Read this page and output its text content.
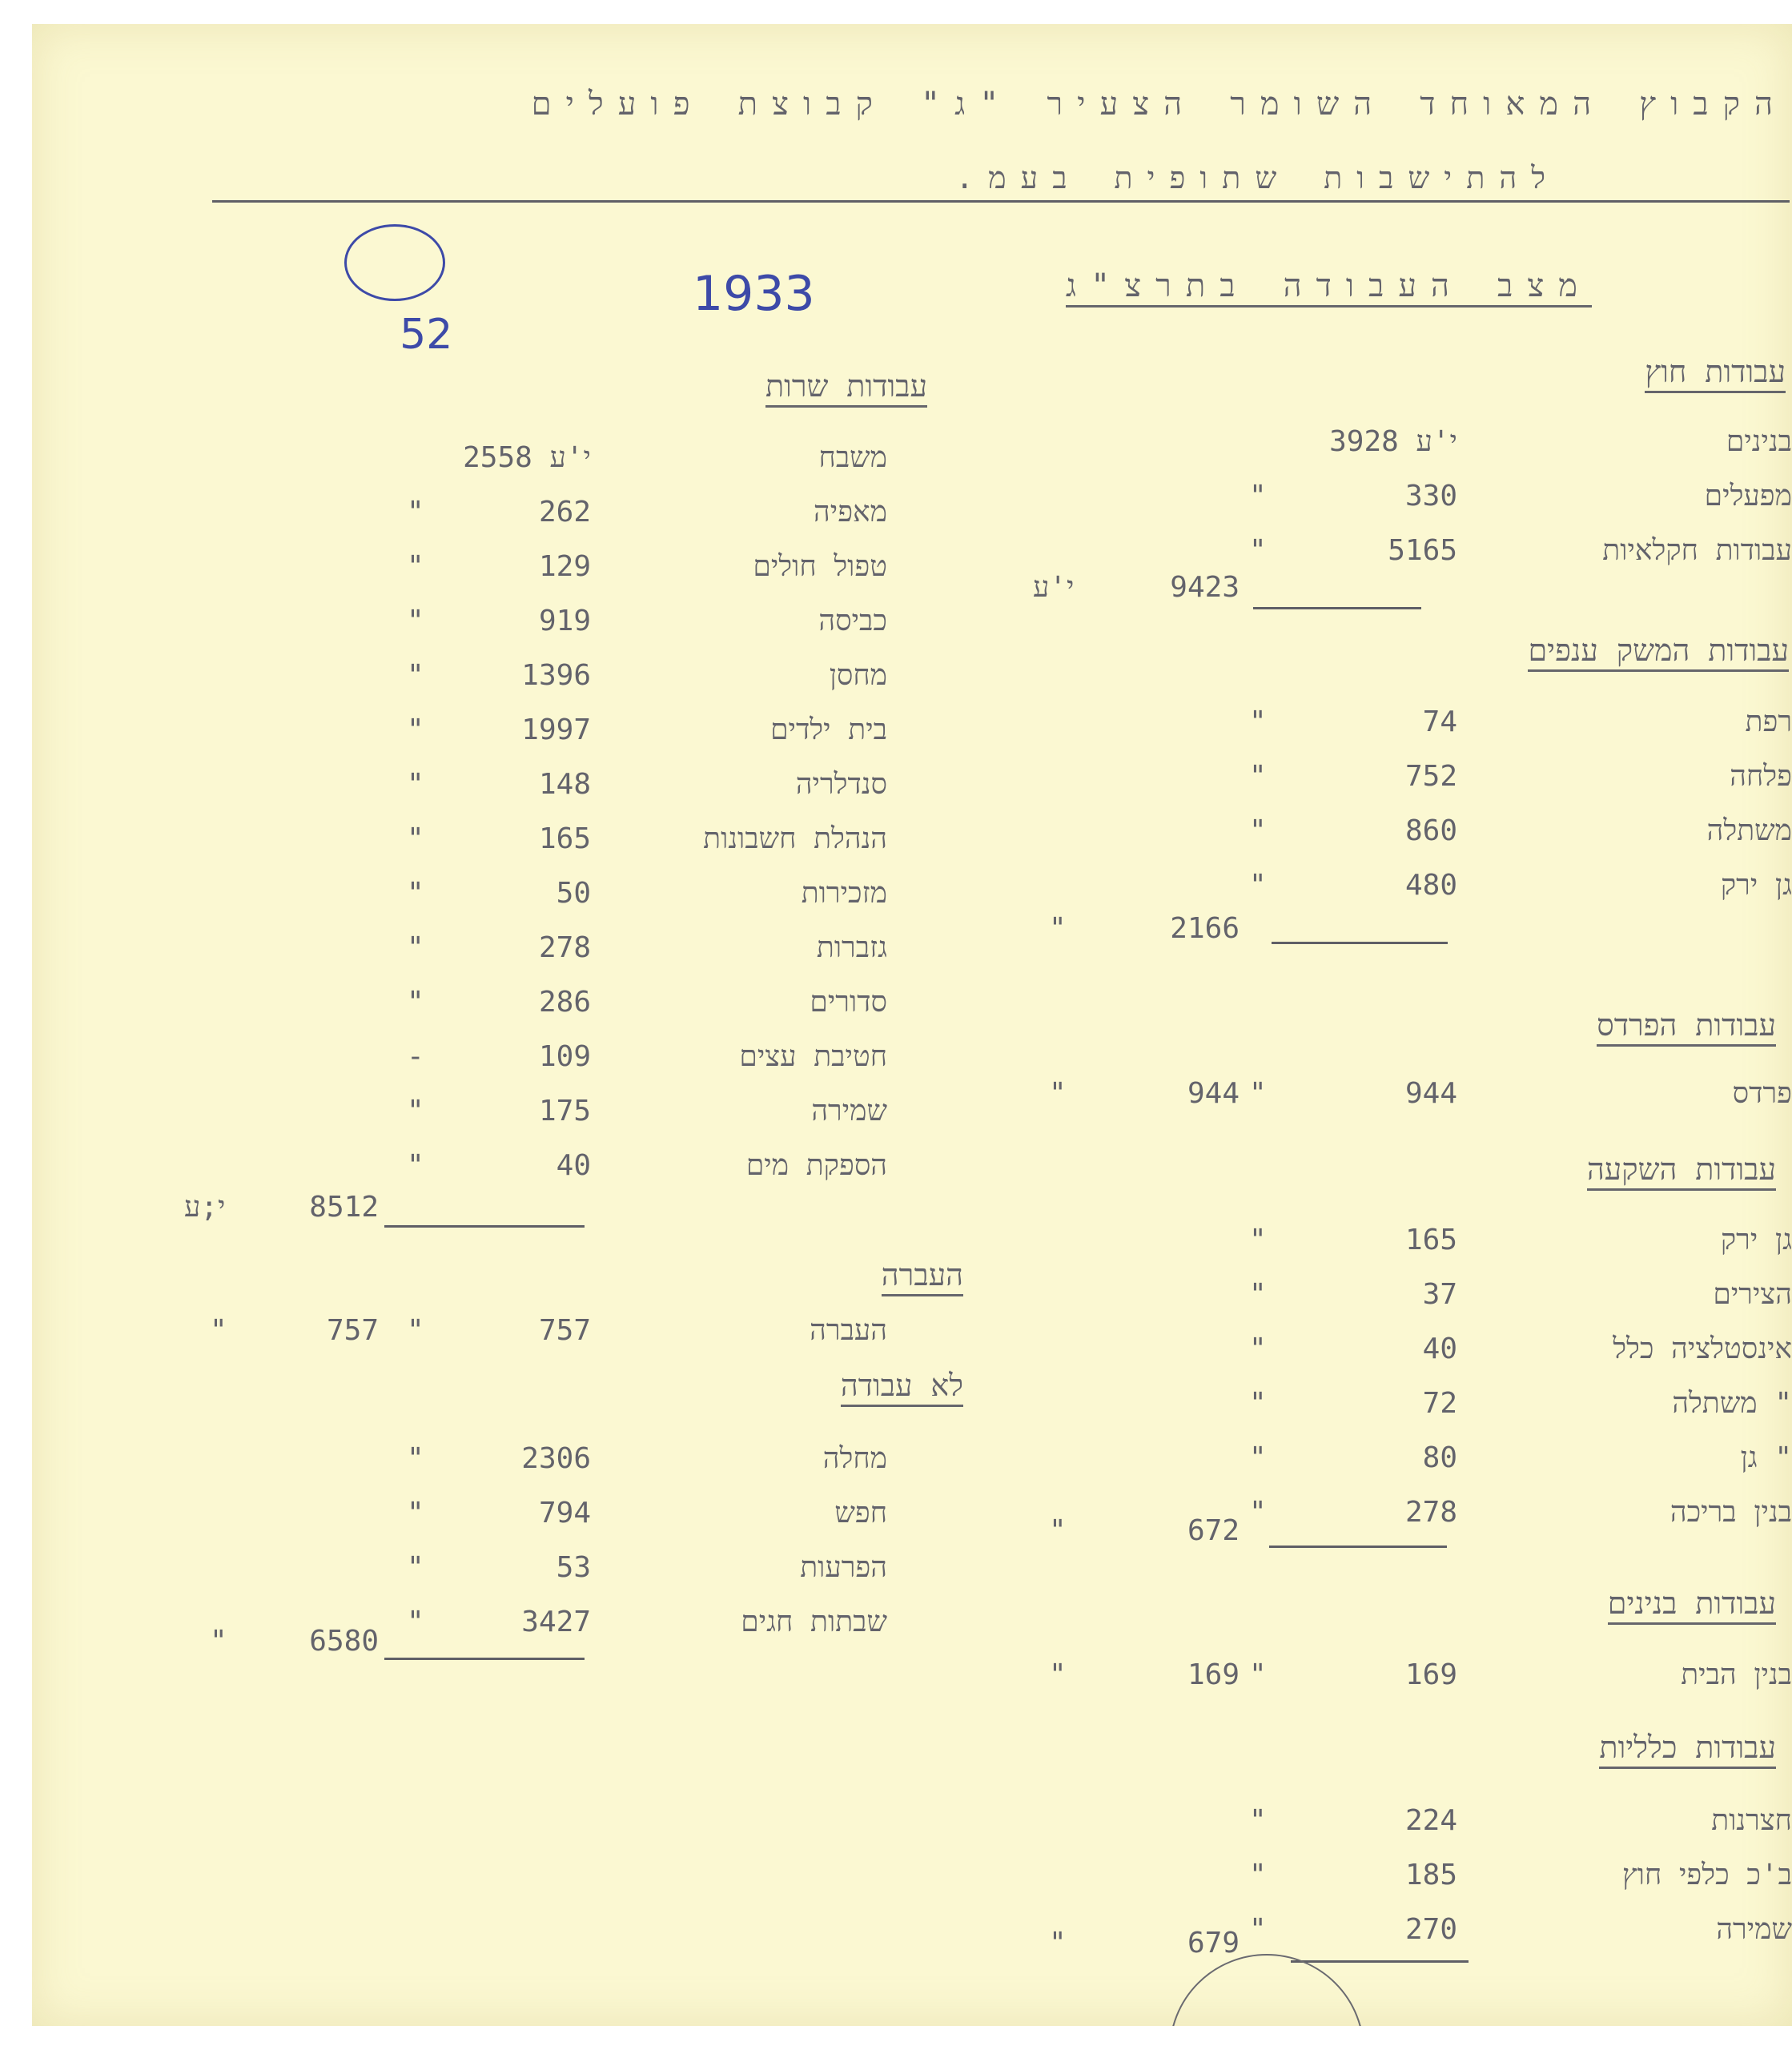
הקבוץ המאוחד השומר הצעיר "ג" קבוצת פועלים
להתישבות שתופית בעמ.

52

מצב העבודה בתרצ"ג
1933
עבודות חוץ
בנינים
3928 י'ע
מפעלים
330
"
עבודות חקלאיות
5165
"
9423
י'ע
עבודות המשק ענפים
רפת
74
"
פלחה
752
"
משתלה
860
"
גן ירק
480
"
2166
"
עבודות הפרדס
פרדס
944
"
944
"
עבודות השקעה
גן ירק
165
"
הצירים
37
"
אינסטלציה כלל
40
"
" משתלה
72
"
" גן
80
"
בנין בריכה
278
"
672
"
עבודות בנינים
בנין הבית
169
"
169
"
עבודות כלליות
חצרנות
224
"
ב'כ כלפי חוץ
185
"
שמירה
270
"
679
"
עבודות שרות
משבח
2558 י'ע
מאפיה
262
"
טפול חולים
129
"
כביסה
919
"
מחסן
1396
"
בית ילדים
1997
"
סנדלריה
148
"
הנהלת חשבונות
165
"
מזכירות
50
"
גזברות
278
"
סדורים
286
"
חטיבת עצים
109
-
שמירה
175
"
הספקת מים
40
"
8512
י;ע
העברה
העברה
757
"
757
"
לא עבודה
מחלה
2306
"
חפש
794
"
הפרעות
53
"
שבתות חגים
3427
"
6580
"
